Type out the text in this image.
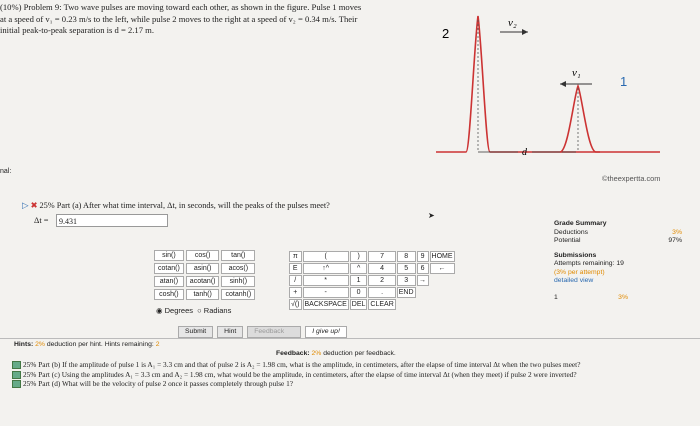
(10%) Problem 9: Two wave pulses are moving toward each other, as shown in the figure. Pulse 1 moves
at a speed of v₁ = 0.23 m/s to the left, while pulse 2 moves to the right at a speed of v₂ = 0.34 m/s. Their
initial peak-to-peak separation is d = 2.17 m.	2
v₂
d
v₁
1
©theexpertta.com
nal:
▷ ✖ 25% Part (a) After what time interval, Δt, in seconds, will the peaks of the pulses meet?
Δt =	9.431
➤
Grade Summary
Deductions	3%
Potential	97%
Submissions
Attempts remaining: 19
(3% per attempt)
detailed view
1	3%
sin()	cos()	tan()
cotan()	asin()	acos()
atan()	acotan()	sinh()
cosh()	tanh()	cotanh()
π	(	)	7	8	9	HOME
E	↑^	^	4	5	6	←
/	*	1	2	3	→	
+	-	0	.	END		
√()	BACKSPACE	DEL	CLEAR			
◉ Degrees ○ Radians
Submit	Hint	Feedback	I give up!
Hints: 2% deduction per hint. Hints remaining: 2
Feedback: 2% deduction per feedback.
25% Part (b) If the amplitude of pulse 1 is A₁ = 3.3 cm and that of pulse 2 is A₂ = 1.98 cm, what is the amplitude, in centimeters, after the elapse of time interval Δt when the two pulses meet?
25% Part (c) Using the amplitudes A₁ = 3.3 cm and A₂ = 1.98 cm, what would be the amplitude, in centimeters, after the elapse of time interval Δt (when they meet) if pulse 2 were inverted?
25% Part (d) What will be the velocity of pulse 2 once it passes completely through pulse 1?
